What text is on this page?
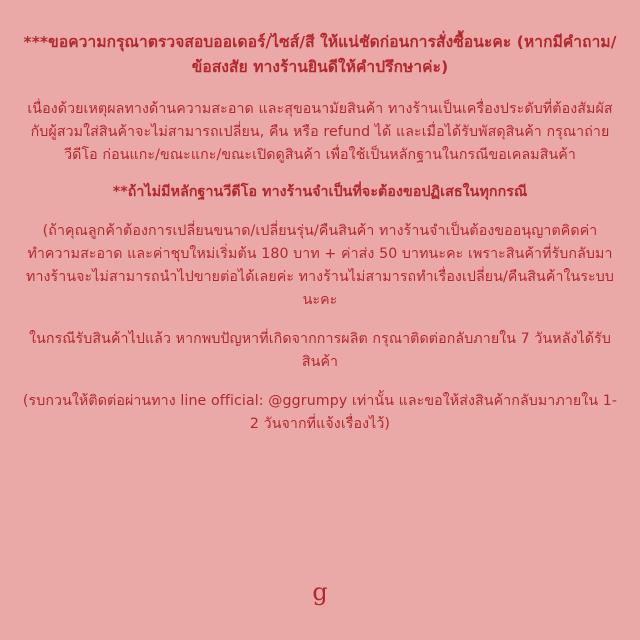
***ขอความกรุณาตรวจสอบออเดอร์/ไซส์/สี ให้แน่ชัดก่อนการสั่งซื้อนะคะ (หากมีคำถาม/ข้อสงสัย ทางร้านยินดีให้คำปรึกษาค่ะ)
เนื่องด้วยเหตุผลทางด้านความสะอาด และสุขอนามัยสินค้า ทางร้านเป็นเครื่องประดับที่ต้องสัมผัสกับผู้สวมใส่สินค้าจะไม่สามารถเปลี่ยน, คืน หรือ refund ได้ และเมื่อได้รับพัสดุสินค้า กรุณาถ่ายวีดีโอ ก่อนแกะ/ขณะแกะ/ขณะเปิดดูสินค้า เพื่อใช้เป็นหลักฐานในกรณีขอเคลมสินค้า
**ถ้าไม่มีหลักฐานวีดีโอ ทางร้านจำเป็นที่จะต้องขอปฏิเสธในทุกกรณี
(ถ้าคุณลูกค้าต้องการเปลี่ยนขนาด/เปลี่ยนรุ่น/คืนสินค้า ทางร้านจำเป็นต้องขออนุญาตคิดค่าทำความสะอาด และค่าชุบใหม่เริ่มต้น 180 บาท + ค่าส่ง 50 บาทนะคะ เพราะสินค้าที่รับกลับมาทางร้านจะไม่สามารถนำไปขายต่อได้เลยค่ะ ทางร้านไม่สามารถทำเรื่องเปลี่ยน/คืนสินค้าในระบบนะคะ
ในกรณีรับสินค้าไปแล้ว หากพบปัญหาที่เกิดจากการผลิต กรุณาติดต่อกลับภายใน 7 วันหลังได้รับสินค้า
(รบกวนให้ติดต่อผ่านทาง line official: @ggrumpy เท่านั้น และขอให้ส่งสินค้ากลับมาภายใน 1-2 วันจากที่แจ้งเรื่องไว้)
g
